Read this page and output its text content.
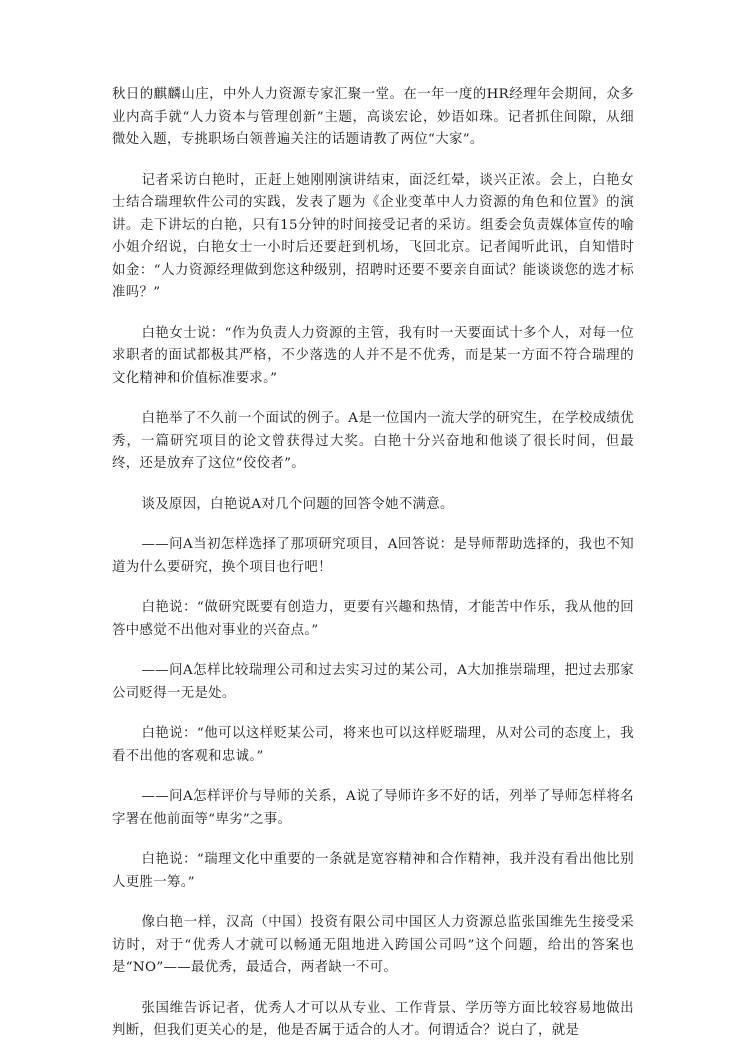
秋日的麒麟山庄，中外人力资源专家汇聚一堂。在一年一度的HR经理年会期间，众多业内高手就“人力资本与管理创新”主题，高谈宏论，妙语如珠。记者抓住间隙，从细微处入题，专挑职场白领普遍关注的话题请教了两位“大家”。

记者采访白艳时，正赶上她刚刚演讲结束，面泛红晕，谈兴正浓。会上，白艳女士结合瑞理软件公司的实践，发表了题为《企业变革中人力资源的角色和位置》的演讲。走下讲坛的白艳，只有15分钟的时间接受记者的采访。组委会负责媒体宣传的喻小姐介绍说，白艳女士一小时后还要赶到机场，飞回北京。记者闻听此讯，自知惜时如金：“人力资源经理做到您这种级别，招聘时还要不要亲自面试？能谈谈您的选才标准吗？”

白艳女士说：“作为负责人力资源的主管，我有时一天要面试十多个人，对每一位求职者的面试都极其严格，不少落选的人并不是不优秀，而是某一方面不符合瑞理的文化精神和价值标准要求。”

白艳举了不久前一个面试的例子。A是一位国内一流大学的研究生，在学校成绩优秀，一篇研究项目的论文曾获得过大奖。白艳十分兴奋地和他谈了很长时间，但最终，还是放弃了这位“佼佼者”。

谈及原因，白艳说A对几个问题的回答令她不满意。

——问A当初怎样选择了那项研究项目，A回答说：是导师帮助选择的，我也不知道为什么要研究，换个项目也行吧！

白艳说：“做研究既要有创造力，更要有兴趣和热情，才能苦中作乐，我从他的回答中感觉不出他对事业的兴奋点。”

——问A怎样比较瑞理公司和过去实习过的某公司，A大加推崇瑞理，把过去那家公司贬得一无是处。

白艳说：“他可以这样贬某公司，将来也可以这样贬瑞理，从对公司的态度上，我看不出他的客观和忠诚。”

——问A怎样评价与导师的关系，A说了导师许多不好的话，列举了导师怎样将名字署在他前面等“卑劣”之事。

白艳说：“瑞理文化中重要的一条就是宽容精神和合作精神，我并没有看出他比别人更胜一筹。”

像白艳一样，汉高（中国）投资有限公司中国区人力资源总监张国维先生接受采访时，对于“优秀人才就可以畅通无阻地进入跨国公司吗”这个问题，给出的答案也是“NO”——最优秀，最适合，两者缺一不可。

张国维告诉记者，优秀人才可以从专业、工作背景、学历等方面比较容易地做出判断，但我们更关心的是，他是否属于适合的人才。何谓适合？说白了，就是
